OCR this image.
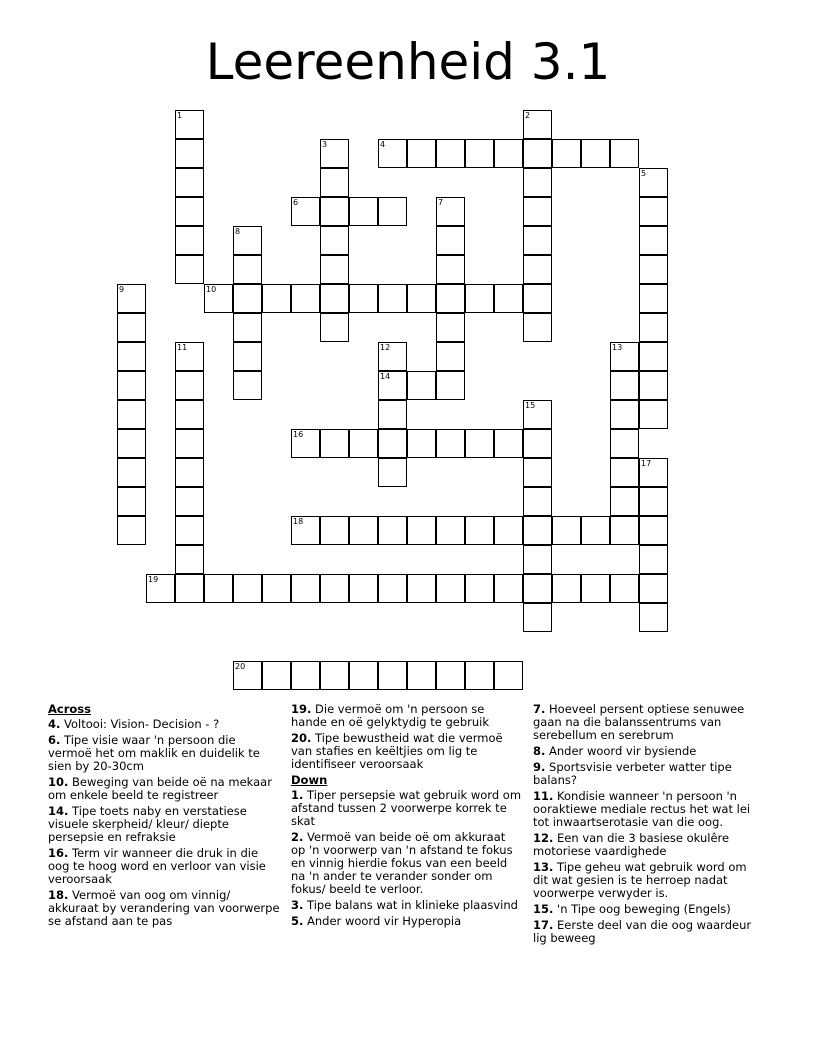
Leereenheid 3.1
1	2
3	4
5
6	7
8
9	10
11	12
14
13
15
16
17
18
19
20
Across

4. Voltooi: Vision- Decision - ?

6. Tipe visie waar 'n persoon die vermoë het om maklik en duidelik te sien by 20-30cm

10. Beweging van beide oë na mekaar om enkele beeld te registreer

14. Tipe toets naby en verstatiese visuele skerpheid/ kleur/ diepte persepsie en refraksie

16. Term vir wanneer die druk in die oog te hoog word en verloor van visie veroorsaak

18. Vermoë van oog om vinnig/ akkuraat by verandering van voorwerpe se afstand aan te pas

19. Die vermoë om 'n persoon se hande en oë gelyktydig te gebruik

20. Tipe bewustheid wat die vermoë van stafies en keëltjies om lig te identifiseer veroorsaak

Down

1. Tiper persepsie wat gebruik word om afstand tussen 2 voorwerpe korrek te skat

2. Vermoë van beide oë om akkuraat op 'n voorwerp van 'n afstand te fokus en vinnig hierdie fokus van een beeld na 'n ander te verander sonder om fokus/ beeld te verloor.

3. Tipe balans wat in klinieke plaasvind

5. Ander woord vir Hyperopia

7. Hoeveel persent optiese senuwee gaan na die balanssentrums van serebellum en serebrum

8. Ander woord vir bysiende

9. Sportsvisie verbeter watter tipe balans?

11. Kondisie wanneer 'n persoon 'n ooraktiewe mediale rectus het wat lei tot inwaartserotasie van die oog.

12. Een van die 3 basiese okulêre motoriese vaardighede

13. Tipe geheu wat gebruik word om dit wat gesien is te herroep nadat voorwerpe verwyder is.

15. 'n Tipe oog beweging (Engels)

17. Eerste deel van die oog waardeur lig beweeg
